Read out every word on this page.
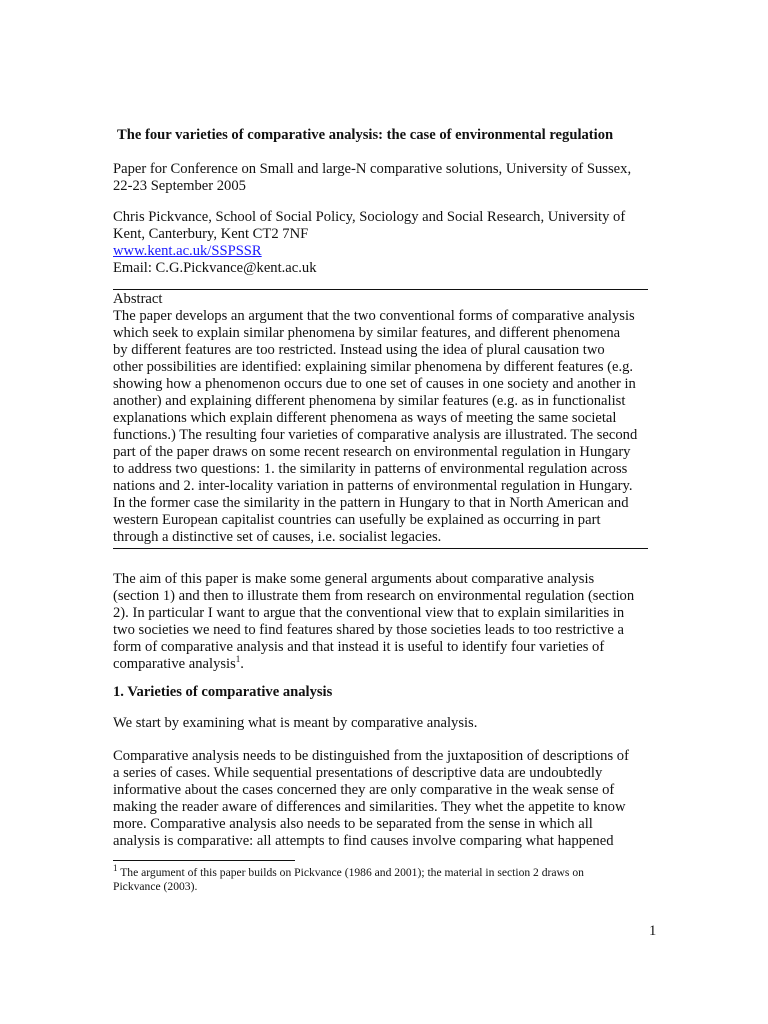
The four varieties of comparative analysis: the case of environmental regulation
Paper for Conference on Small and large-N comparative solutions, University of Sussex,
22-23 September 2005
Chris Pickvance, School of Social Policy, Sociology and Social Research, University of
Kent, Canterbury, Kent CT2 7NF
www.kent.ac.uk/SSPSSR
Email: C.G.Pickvance@kent.ac.uk
Abstract
The paper develops an argument that the two conventional forms of comparative analysis
which seek to explain similar phenomena by similar features, and different phenomena
by different features are too restricted. Instead using the idea of plural causation two
other possibilities are identified: explaining similar phenomena by different features (e.g.
showing how a phenomenon occurs due to one set of causes in one society and another in
another) and explaining different phenomena by similar features (e.g. as in functionalist
explanations which explain different phenomena as ways of meeting the same societal
functions.) The resulting four varieties of comparative analysis are illustrated. The second
part of the paper draws on some recent research on environmental regulation in Hungary
to address two questions: 1. the similarity in patterns of environmental regulation across
nations and 2. inter-locality variation in patterns of environmental regulation in Hungary.
In the former case the similarity in the pattern in Hungary to that in North American and
western European capitalist countries can usefully be explained as occurring in part
through a distinctive set of causes, i.e. socialist legacies.
The aim of this paper is make some general arguments about comparative analysis
(section 1) and then to illustrate them from research on environmental regulation (section
2). In particular I want to argue that the conventional view that to explain similarities in
two societies we need to find features shared by those societies leads to too restrictive a
form of comparative analysis and that instead it is useful to identify four varieties of
comparative analysis$^1$.
1. Varieties of comparative analysis
We start by examining what is meant by comparative analysis.
Comparative analysis needs to be distinguished from the juxtaposition of descriptions of
a series of cases. While sequential presentations of descriptive data are undoubtedly
informative about the cases concerned they are only comparative in the weak sense of
making the reader aware of differences and similarities. They whet the appetite to know
more. Comparative analysis also needs to be separated from the sense in which all
analysis is comparative: all attempts to find causes involve comparing what happened
$^1$ The argument of this paper builds on Pickvance (1986 and 2001); the material in section 2 draws on
Pickvance (2003).
1
